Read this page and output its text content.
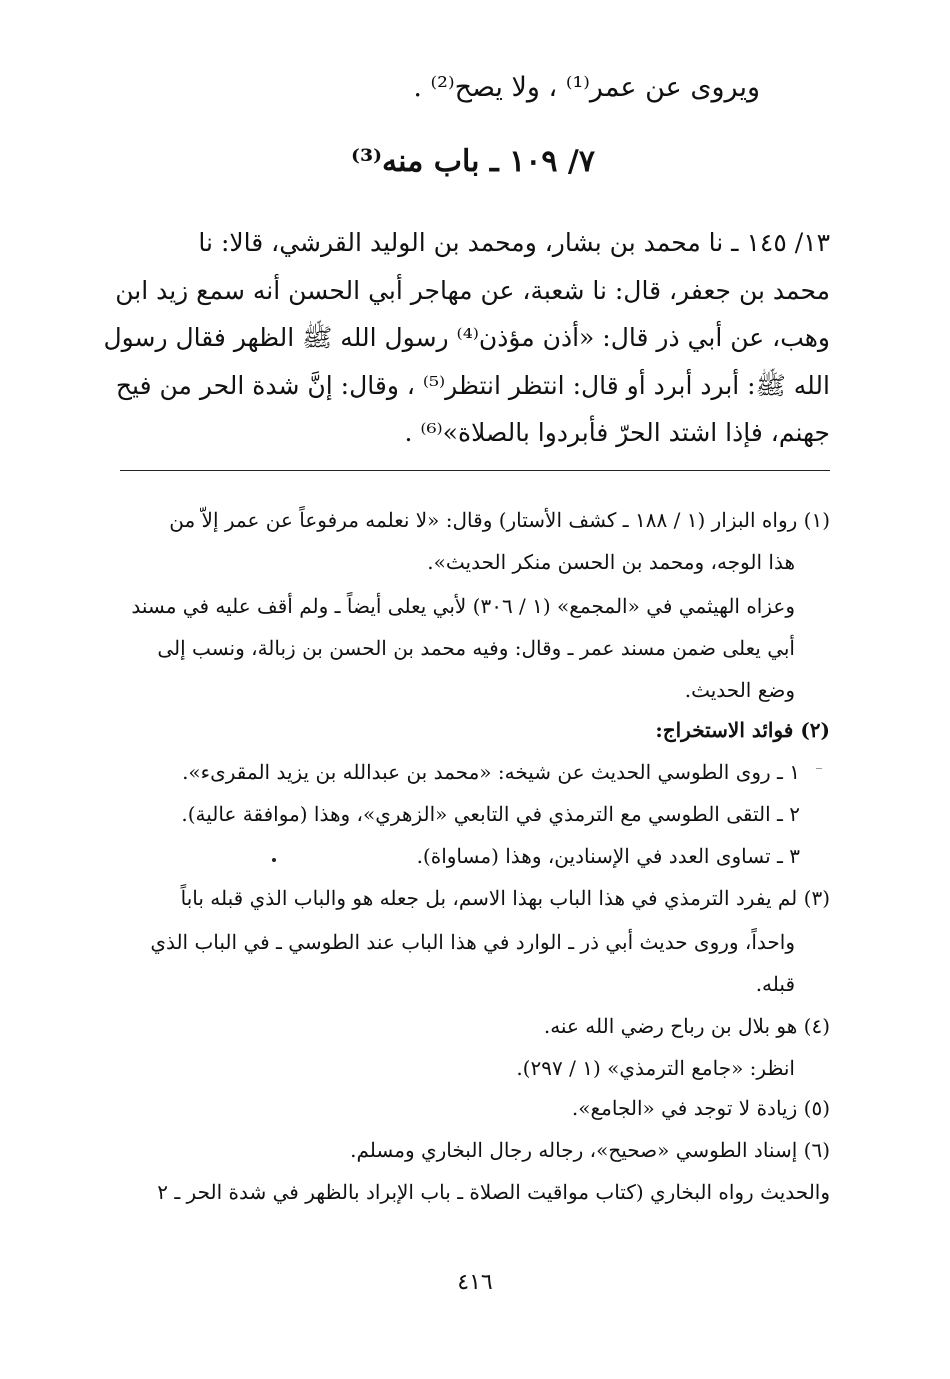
ويروى عن عمر⁽¹⁾ ، ولا يصح⁽²⁾ .
٧/ ١٠٩ ـ باب منه⁽³⁾
١٣/ ١٤٥ ـ نا محمد بن بشار، ومحمد بن الوليد القرشي، قالا: نا
محمد بن جعفر، قال: نا شعبة، عن مهاجر أبي الحسن أنه سمع زيد ابن
وهب، عن أبي ذر قال: «أذن مؤذن⁽⁴⁾ رسول الله ﷺ الظهر فقال رسول
الله ﷺ: أبرد أبرد أو قال: انتظر انتظر⁽⁵⁾ ، وقال: إنَّ شدة الحر من فيح
جهنم، فإذا اشتد الحرّ فأبردوا بالصلاة»⁽⁶⁾ .
(١) رواه البزار (١ / ١٨٨ ـ كشف الأستار) وقال: «لا نعلمه مرفوعاً عن عمر إلاّ من
هذا الوجه، ومحمد بن الحسن منكر الحديث».
وعزاه الهيثمي في «المجمع» (١ / ٣٠٦) لأبي يعلى أيضاً ـ ولم أقف عليه في مسند
أبي يعلى ضمن مسند عمر ـ وقال: وفيه محمد بن الحسن بن زبالة، ونسب إلى
وضع الحديث.
(٢) فوائد الاستخراج:
١ ـ روى الطوسي الحديث عن شيخه: «محمد بن عبدالله بن يزيد المقرىء».
٢ ـ التقى الطوسي مع الترمذي في التابعي «الزهري»، وهذا (موافقة عالية).
٣ ـ تساوى العدد في الإسنادين، وهذا (مساواة).
(٣) لم يفرد الترمذي في هذا الباب بهذا الاسم، بل جعله هو والباب الذي قبله باباً
واحداً، وروى حديث أبي ذر ـ الوارد في هذا الباب عند الطوسي ـ في الباب الذي
قبله.
(٤) هو بلال بن رباح رضي الله عنه.
انظر: «جامع الترمذي» (١ / ٢٩٧).
(٥) زيادة لا توجد في «الجامع».
(٦) إسناد الطوسي «صحيح»، رجاله رجال البخاري ومسلم.
والحديث رواه البخاري (كتاب مواقيت الصلاة ـ باب الإبراد بالظهر في شدة الحر ـ ٢
٤١٦
